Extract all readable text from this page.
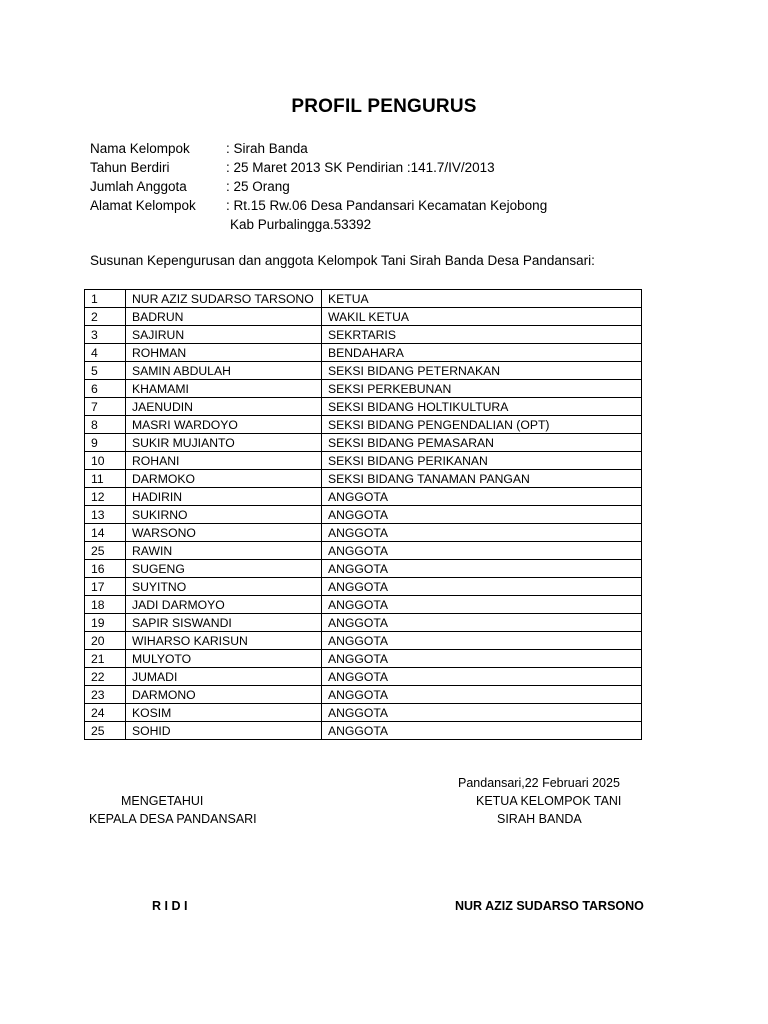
PROFIL PENGURUS
Nama Kelompok	: Sirah Banda
Tahun Berdiri	: 25 Maret 2013 SK Pendirian :141.7/IV/2013
Jumlah Anggota	: 25 Orang
Alamat Kelompok	: Rt.15 Rw.06 Desa Pandansari Kecamatan Kejobong
Kab Purbalingga.53392
Susunan Kepengurusan dan anggota Kelompok Tani Sirah Banda Desa Pandansari:
1	NUR AZIZ SUDARSO TARSONO	KETUA
2	BADRUN	WAKIL KETUA
3	SAJIRUN	SEKRTARIS
4	ROHMAN	BENDAHARA
5	SAMIN ABDULAH	SEKSI BIDANG PETERNAKAN
6	KHAMAMI	SEKSI PERKEBUNAN
7	JAENUDIN	SEKSI BIDANG HOLTIKULTURA
8	MASRI WARDOYO	SEKSI BIDANG PENGENDALIAN (OPT)
9	SUKIR MUJIANTO	SEKSI BIDANG PEMASARAN
10	ROHANI	SEKSI BIDANG PERIKANAN
11	DARMOKO	SEKSI BIDANG TANAMAN PANGAN
12	HADIRIN	ANGGOTA
13	SUKIRNO	ANGGOTA
14	WARSONO	ANGGOTA
25	RAWIN	ANGGOTA
16	SUGENG	ANGGOTA
17	SUYITNO	ANGGOTA
18	JADI DARMOYO	ANGGOTA
19	SAPIR SISWANDI	ANGGOTA
20	WIHARSO KARISUN	ANGGOTA
21	MULYOTO	ANGGOTA
22	JUMADI	ANGGOTA
23	DARMONO	ANGGOTA
24	KOSIM	ANGGOTA
25	SOHID	ANGGOTA
Pandansari,22 Februari 2025
MENGETAHUI
KEPALA DESA PANDANSARI
KETUA KELOMPOK TANI
SIRAH BANDA
R I D I	NUR AZIZ SUDARSO TARSONO
